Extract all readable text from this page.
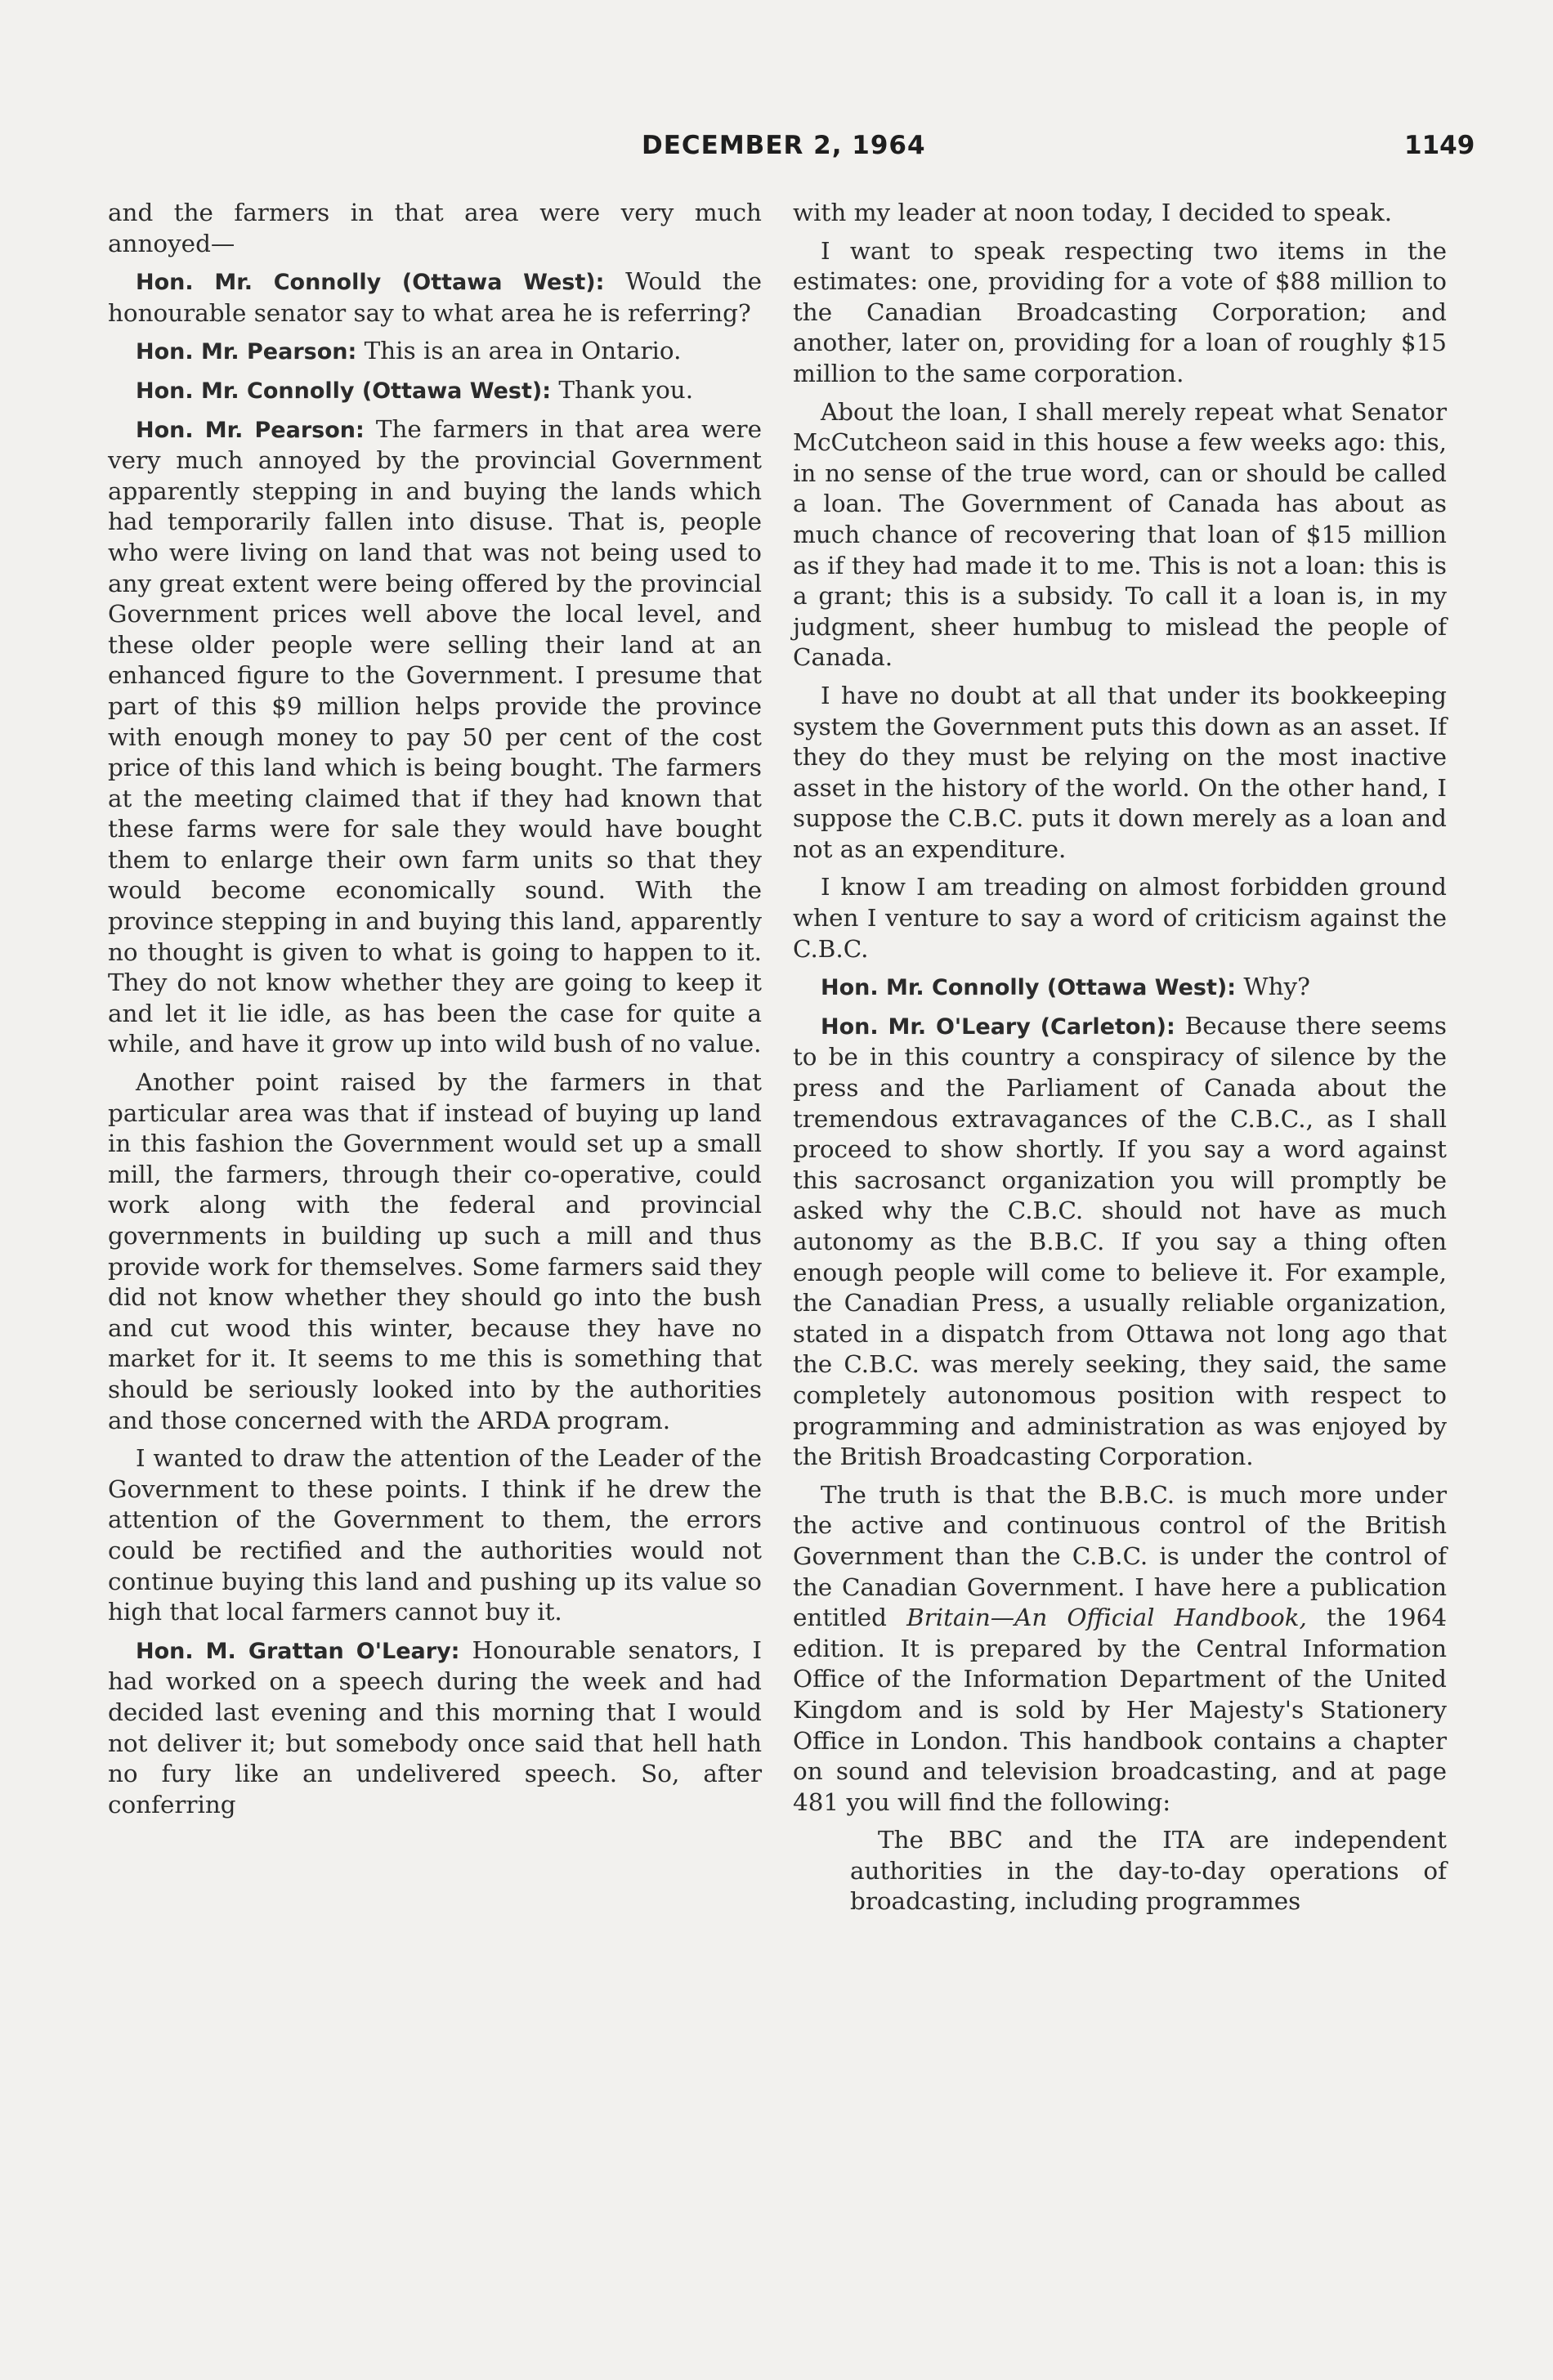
DECEMBER 2, 1964	1149

and the farmers in that area were very much annoyed—

Hon. Mr. Connolly (Ottawa West): Would the honourable senator say to what area he is referring?

Hon. Mr. Pearson: This is an area in Ontario.

Hon. Mr. Connolly (Ottawa West): Thank you.

Hon. Mr. Pearson: The farmers in that area were very much annoyed by the provincial Government apparently stepping in and buying the lands which had temporarily fallen into disuse. That is, people who were living on land that was not being used to any great extent were being offered by the provincial Government prices well above the local level, and these older people were selling their land at an enhanced figure to the Government. I presume that part of this $9 million helps provide the province with enough money to pay 50 per cent of the cost price of this land which is being bought. The farmers at the meeting claimed that if they had known that these farms were for sale they would have bought them to enlarge their own farm units so that they would become economically sound. With the province stepping in and buying this land, apparently no thought is given to what is going to happen to it. They do not know whether they are going to keep it and let it lie idle, as has been the case for quite a while, and have it grow up into wild bush of no value.

Another point raised by the farmers in that particular area was that if instead of buying up land in this fashion the Government would set up a small mill, the farmers, through their co-operative, could work along with the federal and provincial governments in building up such a mill and thus provide work for themselves. Some farmers said they did not know whether they should go into the bush and cut wood this winter, because they have no market for it. It seems to me this is something that should be seriously looked into by the authorities and those concerned with the ARDA program.

I wanted to draw the attention of the Leader of the Government to these points. I think if he drew the attention of the Government to them, the errors could be rectified and the authorities would not continue buying this land and pushing up its value so high that local farmers cannot buy it.

Hon. M. Grattan O'Leary: Honourable senators, I had worked on a speech during the week and had decided last evening and this morning that I would not deliver it; but somebody once said that hell hath no fury like an undelivered speech. So, after conferring

with my leader at noon today, I decided to speak.

I want to speak respecting two items in the estimates: one, providing for a vote of $88 million to the Canadian Broadcasting Corporation; and another, later on, providing for a loan of roughly $15 million to the same corporation.

About the loan, I shall merely repeat what Senator McCutcheon said in this house a few weeks ago: this, in no sense of the true word, can or should be called a loan. The Government of Canada has about as much chance of recovering that loan of $15 million as if they had made it to me. This is not a loan: this is a grant; this is a subsidy. To call it a loan is, in my judgment, sheer humbug to mislead the people of Canada.

I have no doubt at all that under its bookkeeping system the Government puts this down as an asset. If they do they must be relying on the most inactive asset in the history of the world. On the other hand, I suppose the C.B.C. puts it down merely as a loan and not as an expenditure.

I know I am treading on almost forbidden ground when I venture to say a word of criticism against the C.B.C.

Hon. Mr. Connolly (Ottawa West): Why?

Hon. Mr. O'Leary (Carleton): Because there seems to be in this country a conspiracy of silence by the press and the Parliament of Canada about the tremendous extravagances of the C.B.C., as I shall proceed to show shortly. If you say a word against this sacrosanct organization you will promptly be asked why the C.B.C. should not have as much autonomy as the B.B.C. If you say a thing often enough people will come to believe it. For example, the Canadian Press, a usually reliable organization, stated in a dispatch from Ottawa not long ago that the C.B.C. was merely seeking, they said, the same completely autonomous position with respect to programming and administration as was enjoyed by the British Broadcasting Corporation.

The truth is that the B.B.C. is much more under the active and continuous control of the British Government than the C.B.C. is under the control of the Canadian Government. I have here a publication entitled Britain—An Official Handbook, the 1964 edition. It is prepared by the Central Information Office of the Information Department of the United Kingdom and is sold by Her Majesty's Stationery Office in London. This handbook contains a chapter on sound and television broadcasting, and at page 481 you will find the following:

The BBC and the ITA are independent authorities in the day-to-day operations of broadcasting, including programmes
